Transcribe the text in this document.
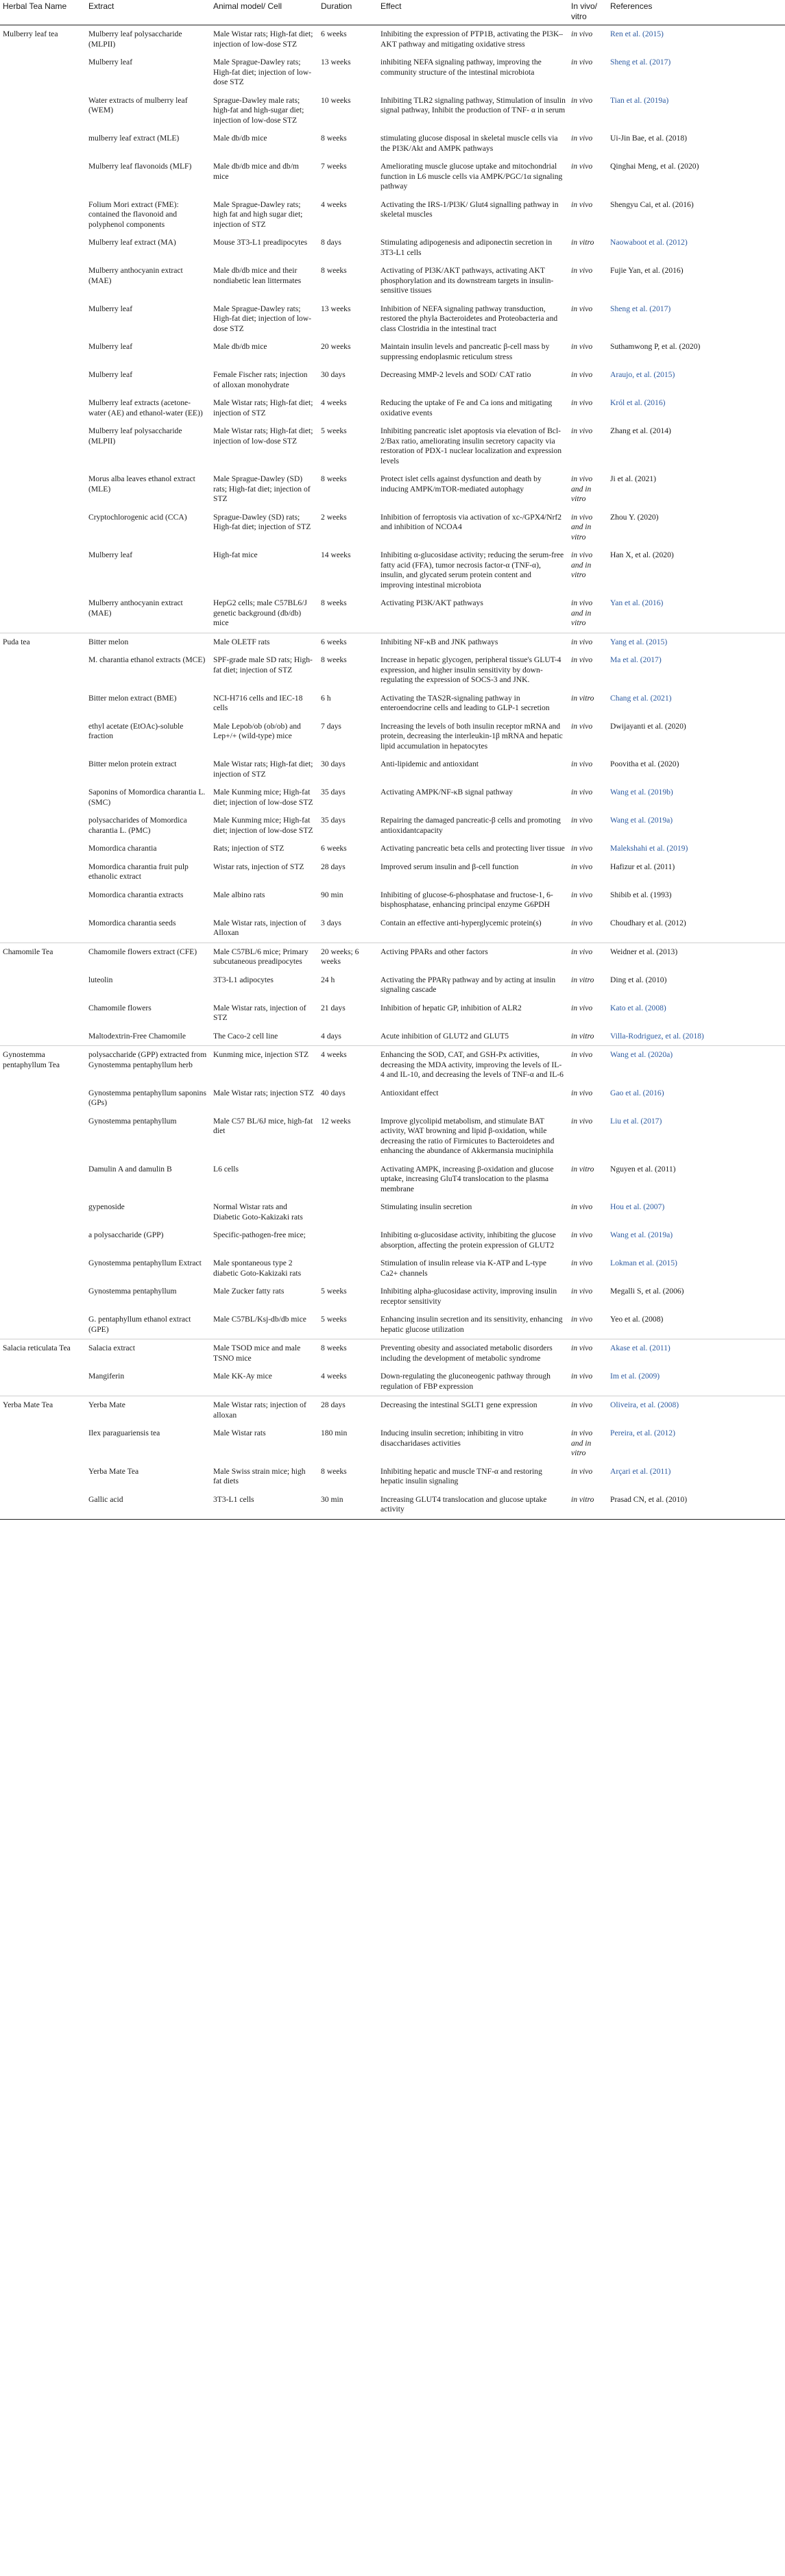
Herbal Tea Name	Extract	Animal model/ Cell	Duration	Effect	In vivo/ vitro	References
Mulberry leaf tea	Mulberry leaf polysaccharide (MLPII)	Male Wistar rats; High-fat diet; injection of low-dose STZ	6 weeks	Inhibiting the expression of PTP1B, activating the PI3K–AKT pathway and mitigating oxidative stress	in vivo	Ren et al. (2015)
	Mulberry leaf	Male Sprague-Dawley rats; High-fat diet; injection of low-dose STZ	13 weeks	inhibiting NEFA signaling pathway, improving the community structure of the intestinal microbiota	in vivo	Sheng et al. (2017)
	Water extracts of mulberry leaf (WEM)	Sprague-Dawley male rats; high-fat and high-sugar diet; injection of low-dose STZ	10 weeks	Inhibiting TLR2 signaling pathway, Stimulation of insulin signal pathway, Inhibit the production of TNF- α in serum	in vivo	Tian et al. (2019a)
	mulberry leaf extract (MLE)	Male db/db mice	8 weeks	stimulating glucose disposal in skeletal muscle cells via the PI3K/Akt and AMPK pathways	in vivo	Ui-Jin Bae, et al. (2018)
	Mulberry leaf flavonoids (MLF)	Male db/db mice and db/m mice	7 weeks	Ameliorating muscle glucose uptake and mitochondrial function in L6 muscle cells via AMPK/PGC/1α signaling pathway	in vivo	Qinghai Meng, et al. (2020)
	Folium Mori extract (FME): contained the flavonoid and polyphenol components	Male Sprague-Dawley rats; high fat and high sugar diet; injection of STZ	4 weeks	Activating the IRS-1/PI3K/ Glut4 signalling pathway in skeletal muscles	in vivo	Shengyu Cai, et al. (2016)
	Mulberry leaf extract (MA)	Mouse 3T3-L1 preadipocytes	8 days	Stimulating adipogenesis and adiponectin secretion in 3T3-L1 cells	in vitro	Naowaboot et al. (2012)
	Mulberry anthocyanin extract (MAE)	Male db/db mice and their nondiabetic lean littermates	8 weeks	Activating of PI3K/AKT pathways, activating AKT phosphorylation and its downstream targets in insulin-sensitive tissues	in vivo	Fujie Yan, et al. (2016)
	Mulberry leaf	Male Sprague-Dawley rats; High-fat diet; injection of low-dose STZ	13 weeks	Inhibition of NEFA signaling pathway transduction, restored the phyla Bacteroidetes and Proteobacteria and class Clostridia in the intestinal tract	in vivo	Sheng et al. (2017)
	Mulberry leaf	Male db/db mice	20 weeks	Maintain insulin levels and pancreatic β-cell mass by suppressing endoplasmic reticulum stress	in vivo	Suthamwong P, et al. (2020)
	Mulberry leaf	Female Fischer rats; injection of alloxan monohydrate	30 days	Decreasing MMP-2 levels and SOD/ CAT ratio	in vivo	Araujo, et al. (2015)
	Mulberry leaf extracts (acetone-water (AE) and ethanol-water (EE))	Male Wistar rats; High-fat diet; injection of STZ	4 weeks	Reducing the uptake of Fe and Ca ions and mitigating oxidative events	in vivo	Król et al. (2016)
	Mulberry leaf polysaccharide (MLPII)	Male Wistar rats; High-fat diet; injection of low-dose STZ	5 weeks	Inhibiting pancreatic islet apoptosis via elevation of Bcl-2/Bax ratio, ameliorating insulin secretory capacity via restoration of PDX-1 nuclear localization and expression levels	in vivo	Zhang et al. (2014)
	Morus alba leaves ethanol extract (MLE)	Male Sprague-Dawley (SD) rats; High-fat diet; injection of STZ	8 weeks	Protect islet cells against dysfunction and death by inducing AMPK/mTOR-mediated autophagy	in vivo and in vitro	Ji et al. (2021)
	Cryptochlorogenic acid (CCA)	Sprague-Dawley (SD) rats; High-fat diet; injection of STZ	2 weeks	Inhibition of ferroptosis via activation of xc-/GPX4/Nrf2 and inhibition of NCOA4	in vivo and in vitro	Zhou Y. (2020)
	Mulberry leaf	High-fat mice	14 weeks	Inhibiting α-glucosidase activity; reducing the serum-free fatty acid (FFA), tumor necrosis factor-α (TNF-α), insulin, and glycated serum protein content and improving intestinal microbiota	in vivo and in vitro	Han X, et al. (2020)
	Mulberry anthocyanin extract (MAE)	HepG2 cells; male C57BL6/J genetic background (db/db) mice	8 weeks	Activating PI3K/AKT pathways	in vivo and in vitro	Yan et al. (2016)
Puda tea	Bitter melon	Male OLETF rats	6 weeks	Inhibiting NF-κB and JNK pathways	in vivo	Yang et al. (2015)
	M. charantia ethanol extracts (MCE)	SPF-grade male SD rats; High-fat diet; injection of STZ	8 weeks	Increase in hepatic glycogen, peripheral tissue's GLUT-4 expression, and higher insulin sensitivity by down-regulating the expression of SOCS-3 and JNK.	in vivo	Ma et al. (2017)
	Bitter melon extract (BME)	NCI-H716 cells and IEC-18 cells	6 h	Activating the TAS2R-signaling pathway in enteroendocrine cells and leading to GLP-1 secretion	in vitro	Chang et al. (2021)
	ethyl acetate (EtOAc)-soluble fraction	Male Lepob/ob (ob/ob) and Lep+/+ (wild-type) mice	7 days	Increasing the levels of both insulin receptor mRNA and protein, decreasing the interleukin-1β mRNA and hepatic lipid accumulation in hepatocytes	in vivo	Dwijayanti et al. (2020)
	Bitter melon protein extract	Male Wistar rats; High-fat diet; injection of STZ	30 days	Anti-lipidemic and antioxidant	in vivo	Poovitha et al. (2020)
	Saponins of Momordica charantia L. (SMC)	Male Kunming mice; High-fat diet; injection of low-dose STZ	35 days	Activating AMPK/NF-κB signal pathway	in vivo	Wang et al. (2019b)
	polysaccharides of Momordica charantia L. (PMC)	Male Kunming mice; High-fat diet; injection of low-dose STZ	35 days	Repairing the damaged pancreatic-β cells and promoting antioxidantcapacity	in vivo	Wang et al. (2019a)
	Momordica charantia	Rats; injection of STZ	6 weeks	Activating pancreatic beta cells and protecting liver tissue	in vivo	Malekshahi et al. (2019)
	Momordica charantia fruit pulp ethanolic extract	Wistar rats, injection of STZ	28 days	Improved serum insulin and β-cell function	in vivo	Hafizur et al. (2011)
	Momordica charantia extracts	Male albino rats	90 min	Inhibiting of glucose-6-phosphatase and fructose-1, 6-bisphosphatase, enhancing principal enzyme G6PDH	in vivo	Shibib et al. (1993)
	Momordica charantia seeds	Male Wistar rats, injection of Alloxan	3 days	Contain an effective anti-hyperglycemic protein(s)	in vivo	Choudhary et al. (2012)
Chamomile Tea	Chamomile flowers extract (CFE)	Male C57BL/6 mice; Primary subcutaneous preadipocytes	20 weeks; 6 weeks	Activing PPARs and other factors	in vivo	Weidner et al. (2013)
	luteolin	3T3-L1 adipocytes	24 h	Activating the PPARγ pathway and by acting at insulin signaling cascade	in vitro	Ding et al. (2010)
	Chamomile flowers	Male Wistar rats, injection of STZ	21 days	Inhibition of hepatic GP, inhibition of ALR2	in vivo	Kato et al. (2008)
	Maltodextrin-Free Chamomile	The Caco-2 cell line	4 days	Acute inhibition of GLUT2 and GLUT5	in vitro	Villa-Rodriguez, et al. (2018)
Gynostemma pentaphyllum Tea	polysaccharide (GPP) extracted from Gynostemma pentaphyllum herb	Kunming mice, injection STZ	4 weeks	Enhancing the SOD, CAT, and GSH-Px activities, decreasing the MDA activity, improving the levels of IL-4 and IL-10, and decreasing the levels of TNF-α and IL-6	in vivo	Wang et al. (2020a)
	Gynostemma pentaphyllum saponins (GPs)	Male Wistar rats; injection STZ	40 days	Antioxidant effect	in vivo	Gao et al. (2016)
	Gynostemma pentaphyllum	Male C57 BL/6J mice, high-fat diet	12 weeks	Improve glycolipid metabolism, and stimulate BAT activity, WAT browning and lipid β-oxidation, while decreasing the ratio of Firmicutes to Bacteroidetes and enhancing the abundance of Akkermansia muciniphila	in vivo	Liu et al. (2017)
	Damulin A and damulin B	L6 cells		Activating AMPK, increasing β-oxidation and glucose uptake, increasing GluT4 translocation to the plasma membrane	in vitro	Nguyen et al. (2011)
	gypenoside	Normal Wistar rats and Diabetic Goto-Kakizaki rats		Stimulating insulin secretion	in vivo	Hou et al. (2007)
	a polysaccharide (GPP)	Specific-pathogen-free mice;		Inhibiting α-glucosidase activity, inhibiting the glucose absorption, affecting the protein expression of GLUT2	in vivo	Wang et al. (2019a)
	Gynostemma pentaphyllum Extract	Male spontaneous type 2 diabetic Goto-Kakizaki rats		Stimulation of insulin release via K-ATP and L-type Ca2+ channels	in vivo	Lokman et al. (2015)
	Gynostemma pentaphyllum	Male Zucker fatty rats	5 weeks	Inhibiting alpha-glucosidase activity, improving insulin receptor sensitivity	in vivo	Megalli S, et al. (2006)
	G. pentaphyllum ethanol extract (GPE)	Male C57BL/Ksj-db/db mice	5 weeks	Enhancing insulin secretion and its sensitivity, enhancing hepatic glucose utilization	in vivo	Yeo et al. (2008)
Salacia reticulata Tea	Salacia extract	Male TSOD mice and male TSNO mice	8 weeks	Preventing obesity and associated metabolic disorders including the development of metabolic syndrome	in vivo	Akase et al. (2011)
	Mangiferin	Male KK-Ay mice	4 weeks	Down-regulating the gluconeogenic pathway through regulation of FBP expression	in vivo	Im et al. (2009)
Yerba Mate Tea	Yerba Mate	Male Wistar rats; injection of alloxan	28 days	Decreasing the intestinal SGLT1 gene expression	in vivo	Oliveira, et al. (2008)
	Ilex paraguariensis tea	Male Wistar rats	180 min	Inducing insulin secretion; inhibiting in vitro disaccharidases activities	in vivo and in vitro	Pereira, et al. (2012)
	Yerba Mate Tea	Male Swiss strain mice; high fat diets	8 weeks	Inhibiting hepatic and muscle TNF-α and restoring hepatic insulin signaling	in vivo	Arçari et al. (2011)
	Gallic acid	3T3-L1 cells	30 min	Increasing GLUT4 translocation and glucose uptake activity	in vitro	Prasad CN, et al. (2010)
